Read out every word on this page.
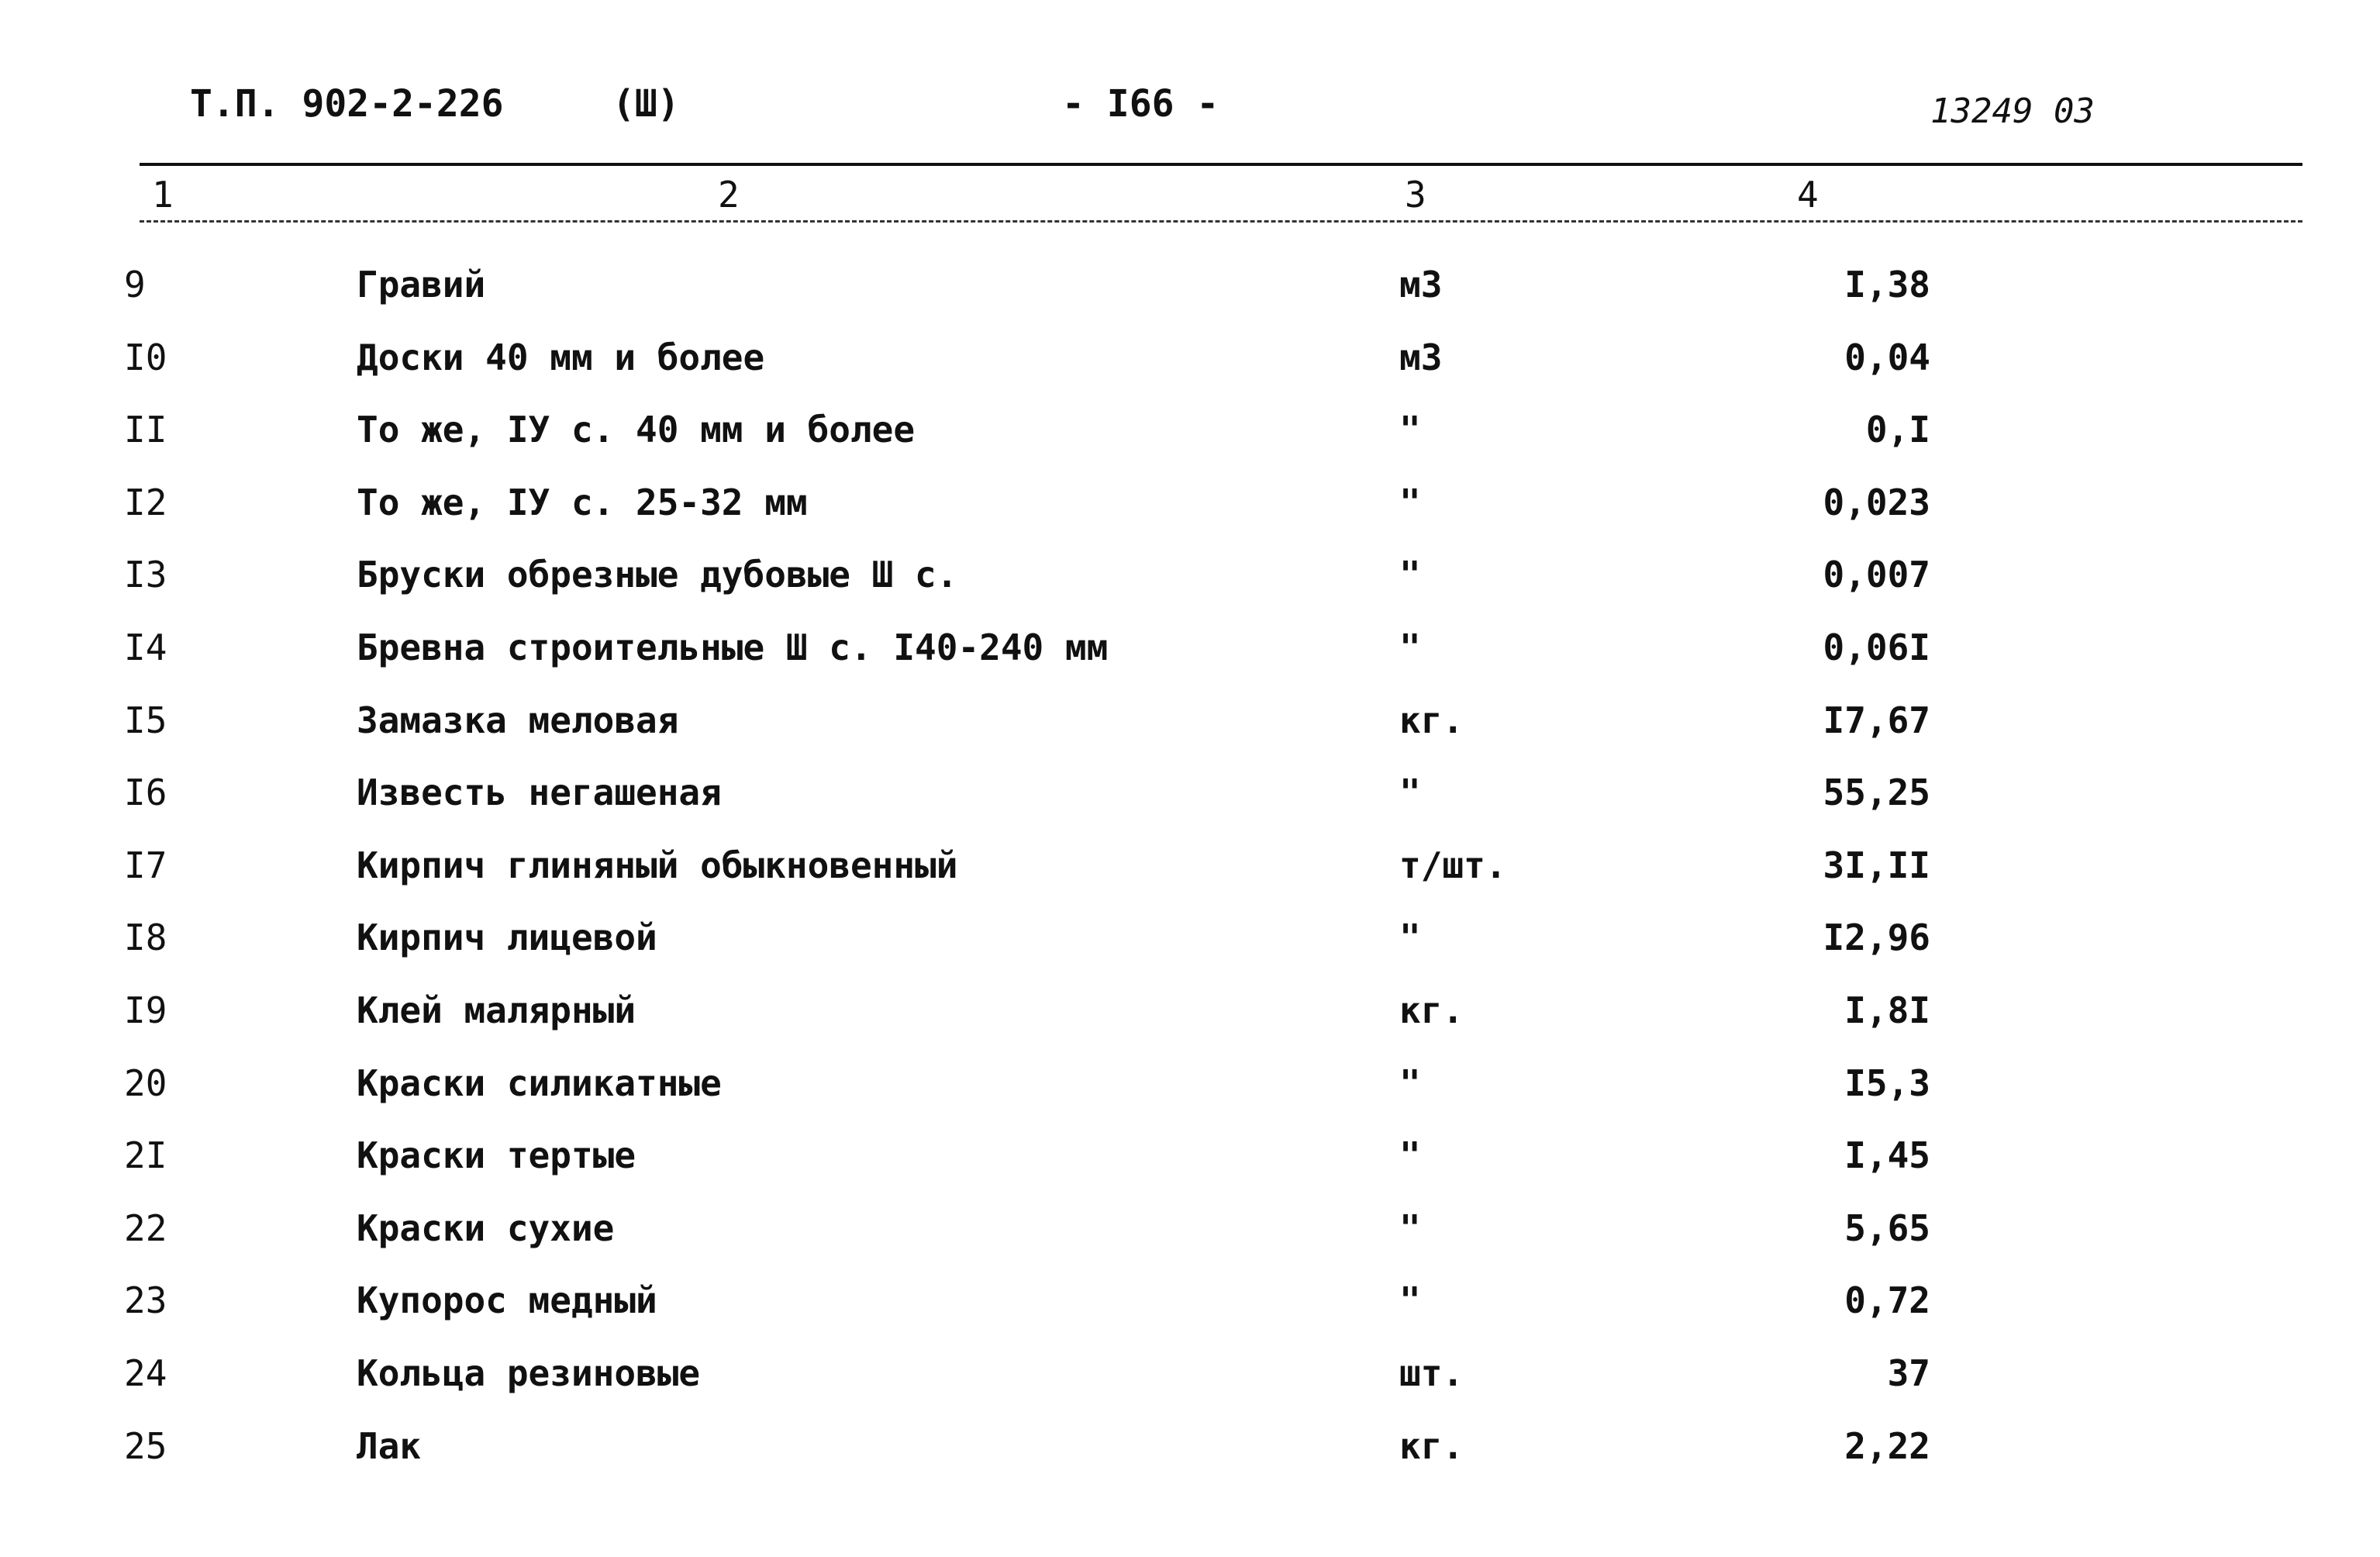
Т.П. 902-2-226	(Ш)	- I66 -	13249 03
1	2	3	4
9	Гравий	м3	I,38
I0	Доски 40 мм и более	м3	0,04
II	То же, IУ с. 40 мм и более	"	0,I
I2	То же, IУ с. 25-32 мм	"	0,023
I3	Бруски обрезные дубовые Ш с.	"	0,007
I4	Бревна строительные Ш с. I40-240 мм	"	0,06I
I5	Замазка меловая	кг.	I7,67
I6	Известь негашеная	"	55,25
I7	Кирпич глиняный обыкновенный	т/шт.	3I,II
I8	Кирпич лицевой	"	I2,96
I9	Клей малярный	кг.	I,8I
20	Краски силикатные	"	I5,3
2I	Краски тертые	"	I,45
22	Краски сухие	"	5,65
23	Купорос медный	"	0,72
24	Кольца резиновые	шт.	37
25	Лак	кг.	2,22
